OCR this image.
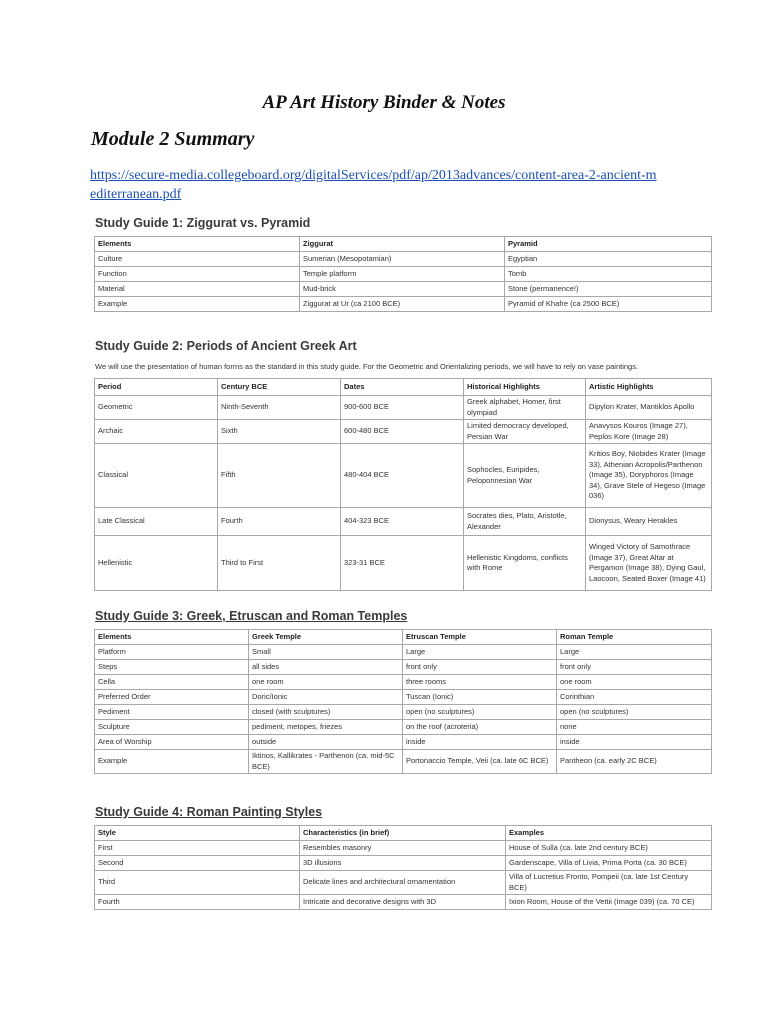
AP Art History Binder & Notes
Module 2 Summary
https://secure-media.collegeboard.org/digitalServices/pdf/ap/2013advances/content-area-2-ancient-mediterranean.pdf
Study Guide 1: Ziggurat vs. Pyramid
Elements	Ziggurat	Pyramid
Culture	Sumerian (Mesopotamian)	Egyptian
Function	Temple platform	Tomb
Material	Mud-brick	Stone (permanence!)
Example	Ziggurat at Ur (ca 2100 BCE)	Pyramid of Khafre (ca 2500 BCE)
Study Guide 2: Periods of Ancient Greek Art
We will use the presentation of human forms as the standard in this study guide. For the Geometric and Orientalizing periods, we will have to rely on vase paintings.
Period	Century BCE	Dates	Historical Highlights	Artistic Highlights
Geometric	Ninth-Seventh	900-600 BCE	Greek alphabet, Homer, first olympiad	Dipylon Krater, Mantiklos Apollo
Archaic	Sixth	600-480 BCE	Limited democracy developed, Persian War	Anavysos Kouros (Image 27), Peplos Kore (Image 28)
Classical	Fifth	480-404 BCE	Sophocles, Euripides, Peloponnesian War	Kritios Boy, Niobides Krater (Image 33), Athenian Acropolis/Parthenon (Image 35), Doryphoros (Image 34), Grave Stele of Hegeso (Image 036)
Late Classical	Fourth	404-323 BCE	Socrates dies, Plato, Aristotle, Alexander	Dionysus, Weary Herakles
Hellenistic	Third to First	323-31 BCE	Hellenistic Kingdoms, conflicts with Rome	Winged Victory of Samothrace (Image 37), Great Altar at Pergamon (Image 38), Dying Gaul, Laocoon, Seated Boxer (Image 41)
Study Guide 3: Greek, Etruscan and Roman Temples
Elements	Greek Temple	Etruscan Temple	Roman Temple
Platform	Small	Large	Large
Steps	all sides	front only	front only
Cella	one room	three rooms	one room
Preferred Order	Doric/Ionic	Tuscan (Ionic)	Corinthian
Pediment	closed (with sculptures)	open (no sculptures)	open (no sculptures)
Sculpture	pediment, metopes, friezes	on the roof (acroteria)	none
Area of Worship	outside	inside	inside
Example	Iktinos, Kallikrates - Parthenon (ca. mid-5C BCE)	Portonaccio Temple, Veii (ca. late 6C BCE)	Pantheon (ca. early 2C BCE)
Study Guide 4: Roman Painting Styles
Style	Characteristics (in brief)	Examples
First	Resembles masonry	House of Sulla (ca. late 2nd century BCE)
Second	3D illusions	Gardenscape, Villa of Livia, Prima Porta (ca. 30 BCE)
Third	Delicate lines and architectural ornamentation	Villa of Lucretius Fronto, Pompeii (ca. late 1st Century BCE)
Fourth	Intricate and decorative designs with 3D	Ixion Room, House of the Vettii (Image 039) (ca. 70 CE)
